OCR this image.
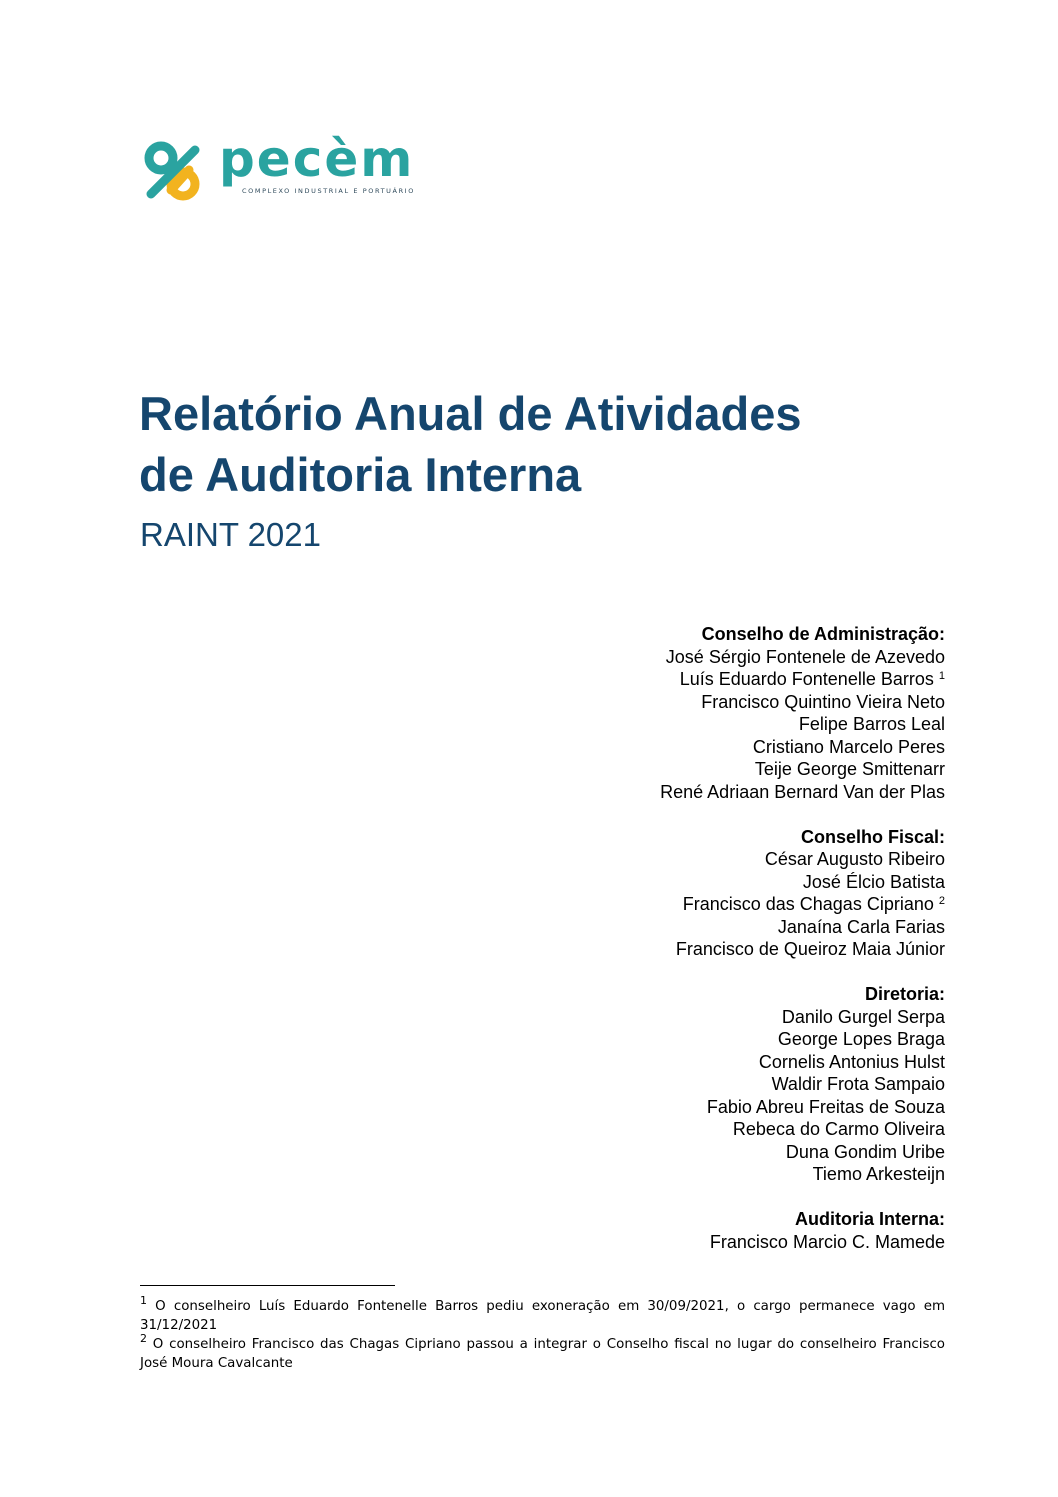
pecèm
COMPLEXO INDUSTRIAL E PORTUÁRIO
Relatório Anual de Atividades
de Auditoria Interna
RAINT 2021
Conselho de Administração:
José Sérgio Fontenele de Azevedo
Luís Eduardo Fontenelle Barros $^1$
Francisco Quintino Vieira Neto
Felipe Barros Leal
Cristiano Marcelo Peres
Teije George Smittenarr
René Adriaan Bernard Van der Plas
Conselho Fiscal:
César Augusto Ribeiro
José Élcio Batista
Francisco das Chagas Cipriano $^2$
Janaína Carla Farias
Francisco de Queiroz Maia Júnior
Diretoria:
Danilo Gurgel Serpa
George Lopes Braga
Cornelis Antonius Hulst
Waldir Frota Sampaio
Fabio Abreu Freitas de Souza
Rebeca do Carmo Oliveira
Duna Gondim Uribe
Tiemo Arkesteijn
Auditoria Interna:
Francisco Marcio C. Mamede

$^1$ O conselheiro Luís Eduardo Fontenelle Barros pediu exoneração em 30/09/2021, o cargo permanece vago em 31/12/2021

$^2$ O conselheiro Francisco das Chagas Cipriano passou a integrar o Conselho fiscal no lugar do conselheiro Francisco José Moura Cavalcante
